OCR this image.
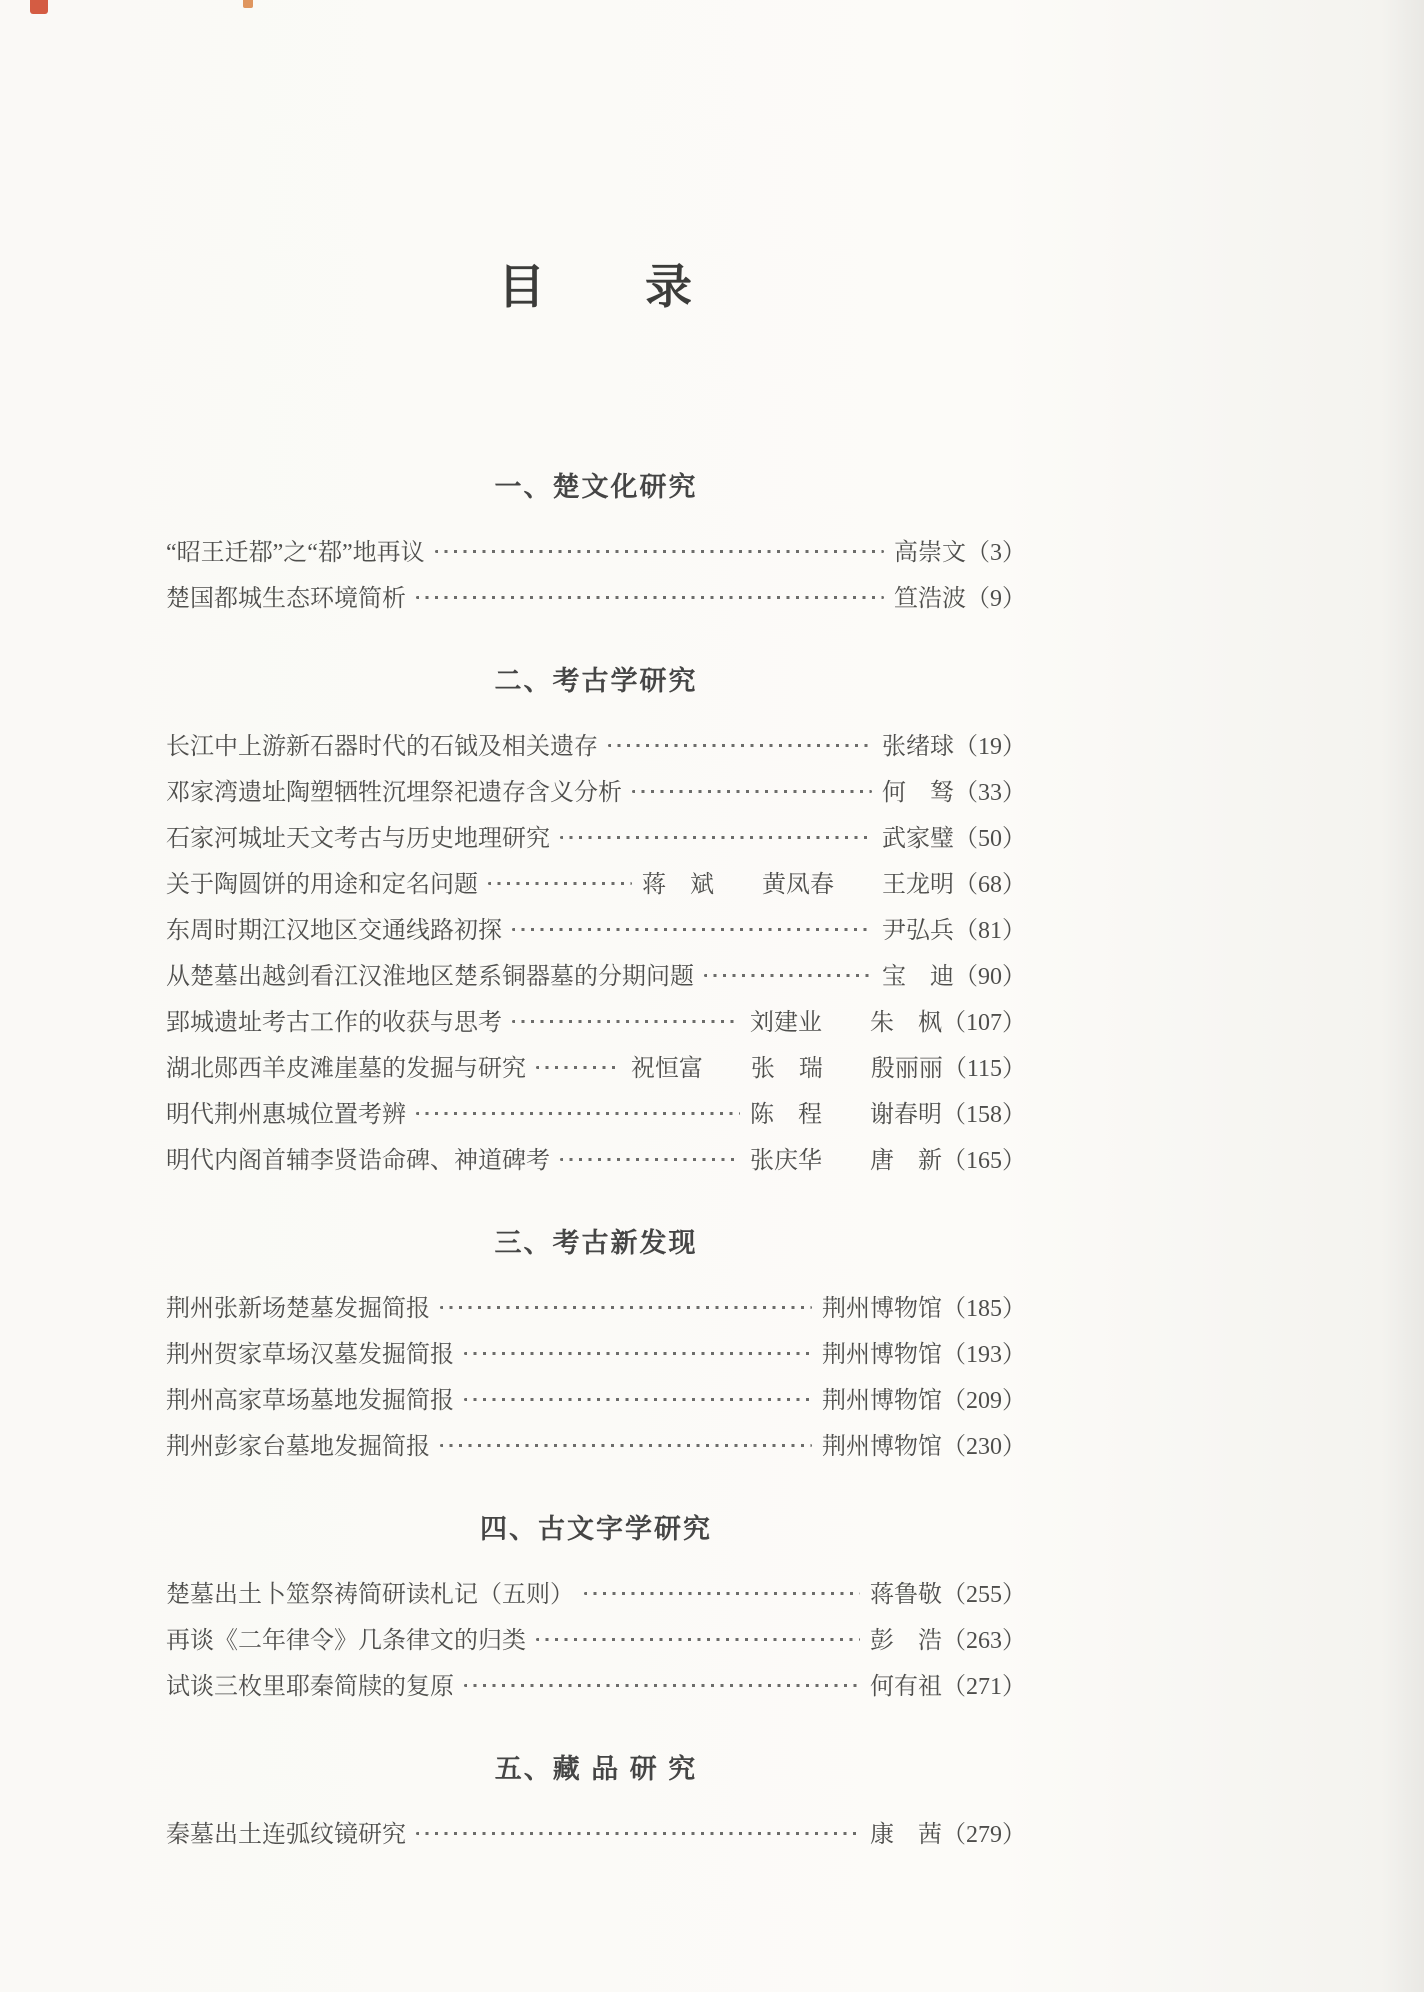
目　　录
一、楚文化研究
“昭王迁鄀”之“鄀”地再议	高崇文（3）
楚国都城生态环境简析	笪浩波（9）
二、考古学研究
长江中上游新石器时代的石钺及相关遗存	张绪球（19）
邓家湾遗址陶塑牺牲沉埋祭祀遗存含义分析	何　驽（33）
石家河城址天文考古与历史地理研究	武家璧（50）
关于陶圆饼的用途和定名问题	蒋　斌　　黄凤春　　王龙明（68）
东周时期江汉地区交通线路初探	尹弘兵（81）
从楚墓出越剑看江汉淮地区楚系铜器墓的分期问题	宝　迪（90）
郢城遗址考古工作的收获与思考	刘建业　　朱　枫（107）
湖北郧西羊皮滩崖墓的发掘与研究	祝恒富　　张　瑞　　殷丽丽（115）
明代荆州惠城位置考辨	陈　程　　谢春明（158）
明代内阁首辅李贤诰命碑、神道碑考	张庆华　　唐　新（165）
三、考古新发现
荆州张新场楚墓发掘简报	荆州博物馆（185）
荆州贺家草场汉墓发掘简报	荆州博物馆（193）
荆州高家草场墓地发掘简报	荆州博物馆（209）
荆州彭家台墓地发掘简报	荆州博物馆（230）
四、古文字学研究
楚墓出土卜筮祭祷简研读札记（五则）	蒋鲁敬（255）
再谈《二年律令》几条律文的归类	彭　浩（263）
试谈三枚里耶秦简牍的复原	何有祖（271）
五、藏 品 研 究
秦墓出土连弧纹镜研究	康　茜（279）
